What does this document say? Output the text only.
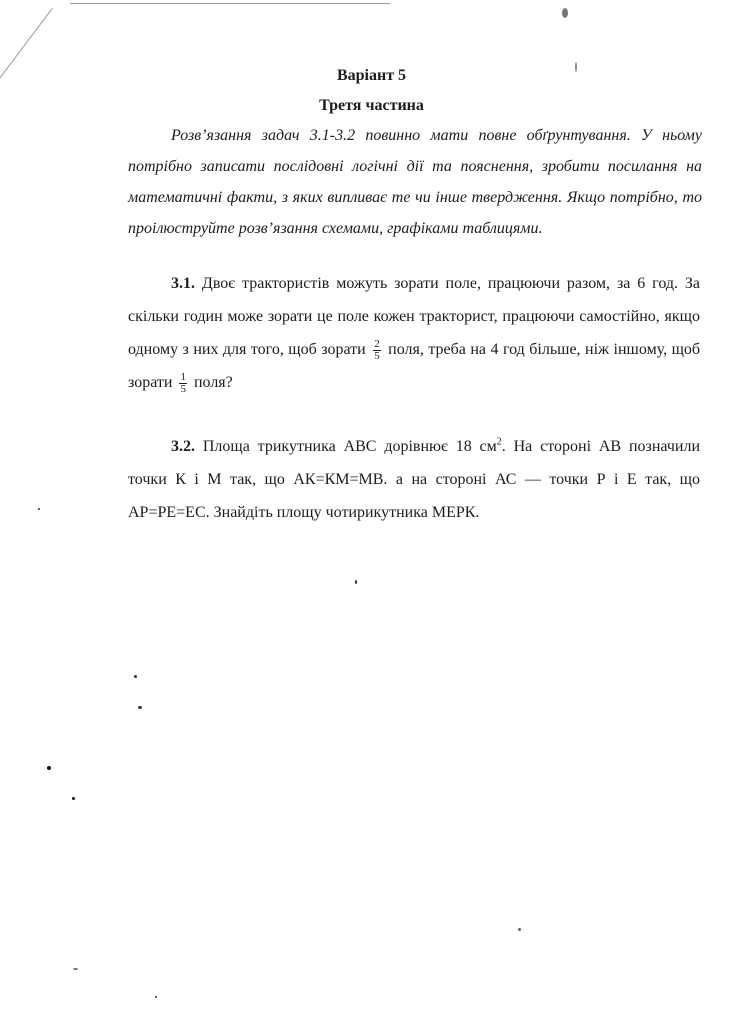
Варіант 5
Третя частина
Розв’язання задач 3.1-3.2 повинно мати повне обґрунтування. У ньому потрібно записати послідовні логічні дії та пояснення, зробити посилання на математичні факти, з яких випливає те чи інше твердження. Якщо потрібно, то проілюструйте розв’язання схемами, графіками таблицями.
3.1. Двоє трактористів можуть зорати поле, працюючи разом, за 6 год. За скільки годин може зорати це поле кожен тракторист, працюючи самостійно, якщо одному з них для того, щоб зорати $\frac{2}{5}$ поля, треба на 4 год більше, ніж іншому, щоб зорати $\frac{1}{5}$ поля?
3.2. Площа трикутника АВС дорівнює 18 $см^2$. На стороні АВ позначили точки К і М так, що АК=КМ=МВ. а на стороні АС — точки Р і Е так, що АР=РЕ=ЕС. Знайдіть площу чотирикутника МЕРК.
